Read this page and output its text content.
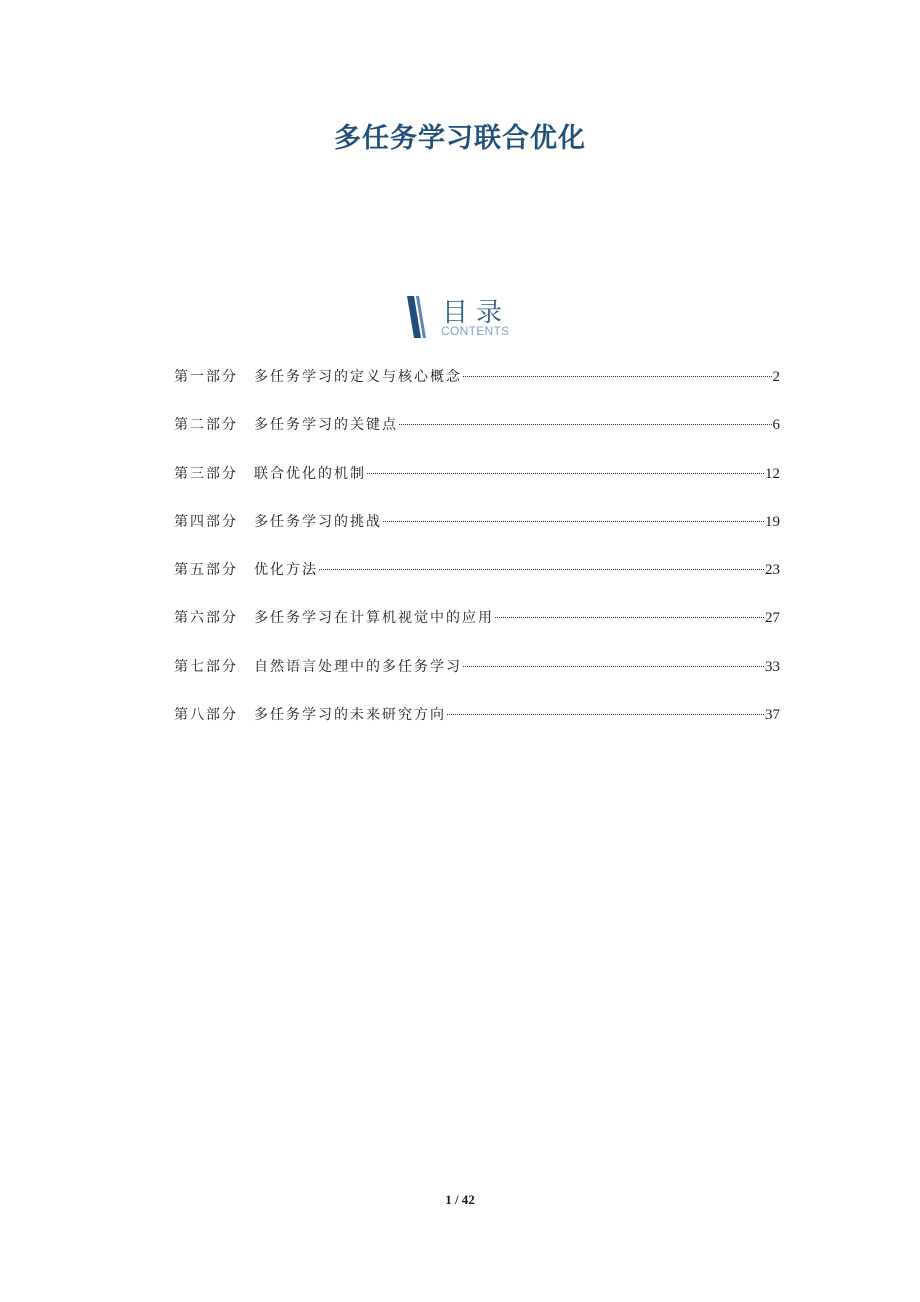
多任务学习联合优化
目录
CONTENTS
第一部分	多任务学习的定义与核心概念	2
第二部分	多任务学习的关键点	6
第三部分	联合优化的机制	12
第四部分	多任务学习的挑战	19
第五部分	优化方法	23
第六部分	多任务学习在计算机视觉中的应用	27
第七部分	自然语言处理中的多任务学习	33
第八部分	多任务学习的未来研究方向	37
1 / 42
